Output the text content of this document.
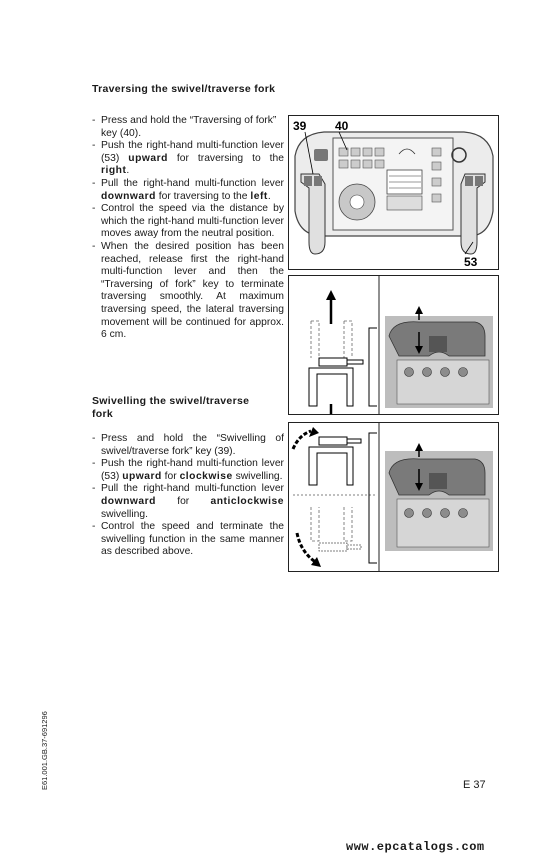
Traversing the swivel/traverse fork
- Press and hold the “Traversing of fork” key (40).
- Push the right-hand multi-function lever (53) upward for traversing to the right.
- Pull the right-hand multi-function lever downward for traversing to the left.
- Control the speed via the distance by which the right-hand multi-function lever moves away from the neutral position.
- When the desired position has been reached, release first the right-hand multi-function lever and then the “Traversing of fork” key to terminate traversing smoothly. At maximum traversing speed, the lateral traversing movement will be continued for approx. 6 cm.
Swivelling the swivel/traverse
fork
- Press and hold the “Swivelling of swivel/traverse fork” key (39).
- Push the right-hand multi-function lever (53) upward for clockwise swivelling.
- Pull the right-hand multi-function lever downward for anticlockwise swivelling.
- Control the speed and terminate the swivelling function in the same manner as described above.
39 40
53
E61.001.GB.37-691296	E 37
www.epcatalogs.com
